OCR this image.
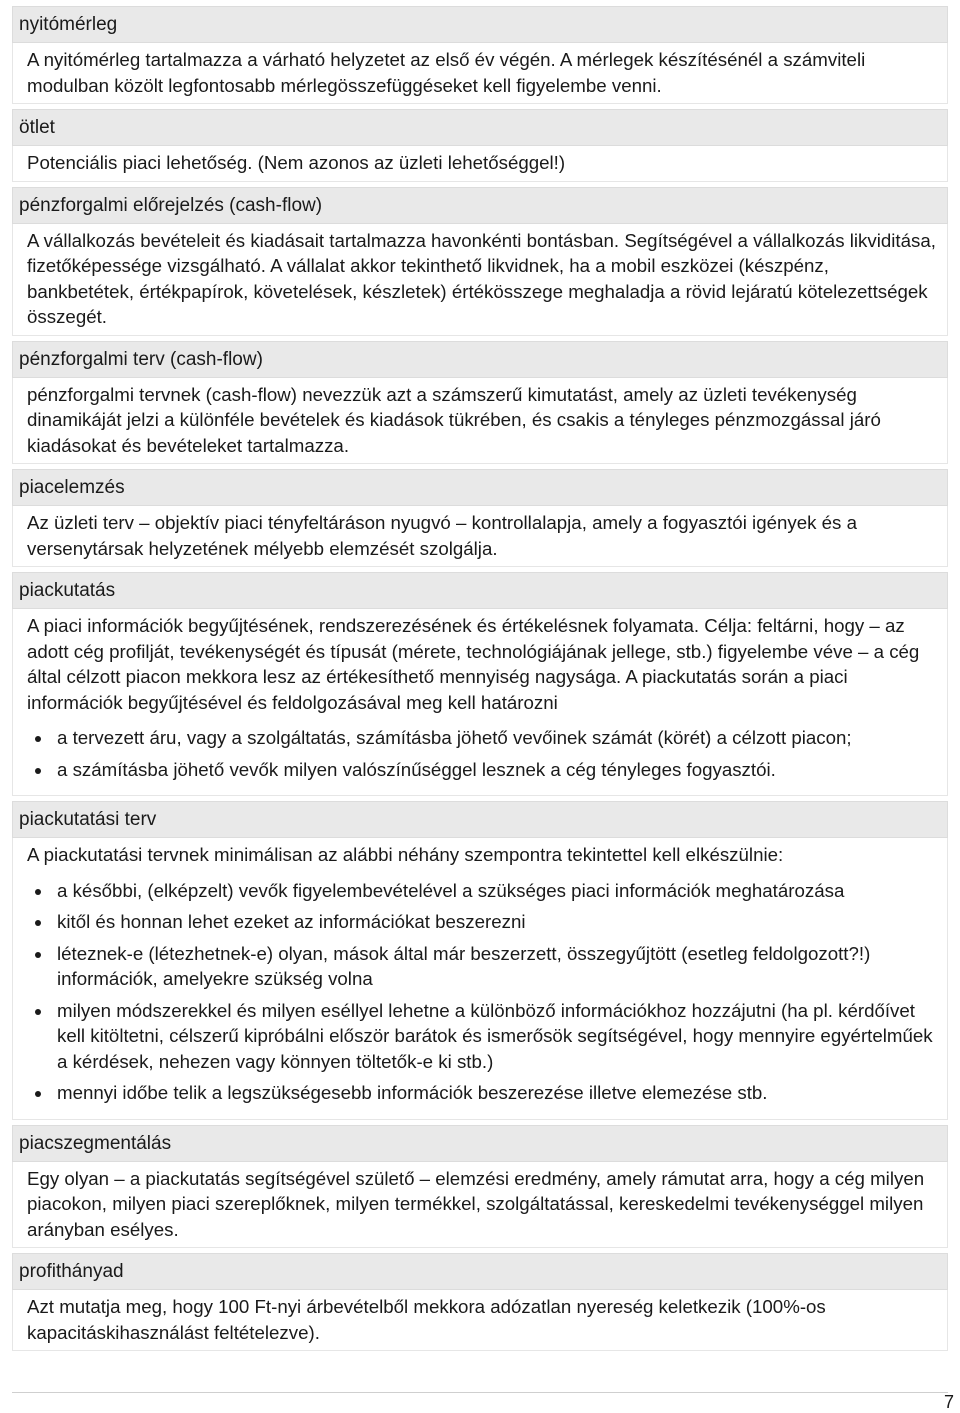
nyitómérleg

A nyitómérleg tartalmazza a várható helyzetet az első év végén. A mérlegek készítésénél a számviteli modulban közölt legfontosabb mérlegösszefüggéseket kell figyelembe venni.

ötlet

Potenciális piaci lehetőség. (Nem azonos az üzleti lehetőséggel!)

pénzforgalmi előrejelzés (cash-flow)

A vállalkozás bevételeit és kiadásait tartalmazza havonkénti bontásban. Segítségével a vállalkozás likviditása, fizetőképessége vizsgálható. A vállalat akkor tekinthető likvidnek, ha a mobil eszközei (készpénz, bankbetétek, értékpapírok, követelések, készletek) értékösszege meghaladja a rövid lejáratú kötelezettségek összegét.

pénzforgalmi terv (cash-flow)

pénzforgalmi tervnek (cash-flow) nevezzük azt a számszerű kimutatást, amely az üzleti tevékenység dinamikáját jelzi a különféle bevételek és kiadások tükrében, és csakis a tényleges pénzmozgással járó kiadásokat és bevételeket tartalmazza.

piacelemzés

Az üzleti terv – objektív piaci tényfeltáráson nyugvó – kontrollalapja, amely a fogyasztói igények és a versenytársak helyzetének mélyebb elemzését szolgálja.

piackutatás

A piaci információk begyűjtésének, rendszerezésének és értékelésnek folyamata. Célja: feltárni, hogy – az adott cég profilját, tevékenységét és típusát (mérete, technológiájának jellege, stb.) figyelembe véve – a cég által célzott piacon mekkora lesz az értékesíthető mennyiség nagysága. A piackutatás során a piaci információk begyűjtésével és feldolgozásával meg kell határozni

a tervezett áru, vagy a szolgáltatás, számításba jöhető vevőinek számát (körét) a célzott piacon;
a számításba jöhető vevők milyen valószínűséggel lesznek a cég tényleges fogyasztói.
piackutatási terv

A piackutatási tervnek minimálisan az alábbi néhány szempontra tekintettel kell elkészülnie:

a későbbi, (elképzelt) vevők figyelembevételével a szükséges piaci információk meghatározása
kitől és honnan lehet ezeket az információkat beszerezni
léteznek-e (létezhetnek-e) olyan, mások által már beszerzett, összegyűjtött (esetleg feldolgozott?!) információk, amelyekre szükség volna
milyen módszerekkel és milyen eséllyel lehetne a különböző információkhoz hozzájutni (ha pl. kérdőívet kell kitöltetni, célszerű kipróbálni először barátok és ismerősök segítségével, hogy mennyire egyértelműek a kérdések, nehezen vagy könnyen töltetők-e ki stb.)
mennyi időbe telik a legszükségesebb információk beszerezése illetve elemezése stb.
piacszegmentálás

Egy olyan – a piackutatás segítségével születő – elemzési eredmény, amely rámutat arra, hogy a cég milyen piacokon, milyen piaci szereplőknek, milyen termékkel, szolgáltatással, kereskedelmi tevékenységgel milyen arányban esélyes.

profithányad

Azt mutatja meg, hogy 100 Ft-nyi árbevételből mekkora adózatlan nyereség keletkezik (100%-os kapacitáskihasználást feltételezve).

7
